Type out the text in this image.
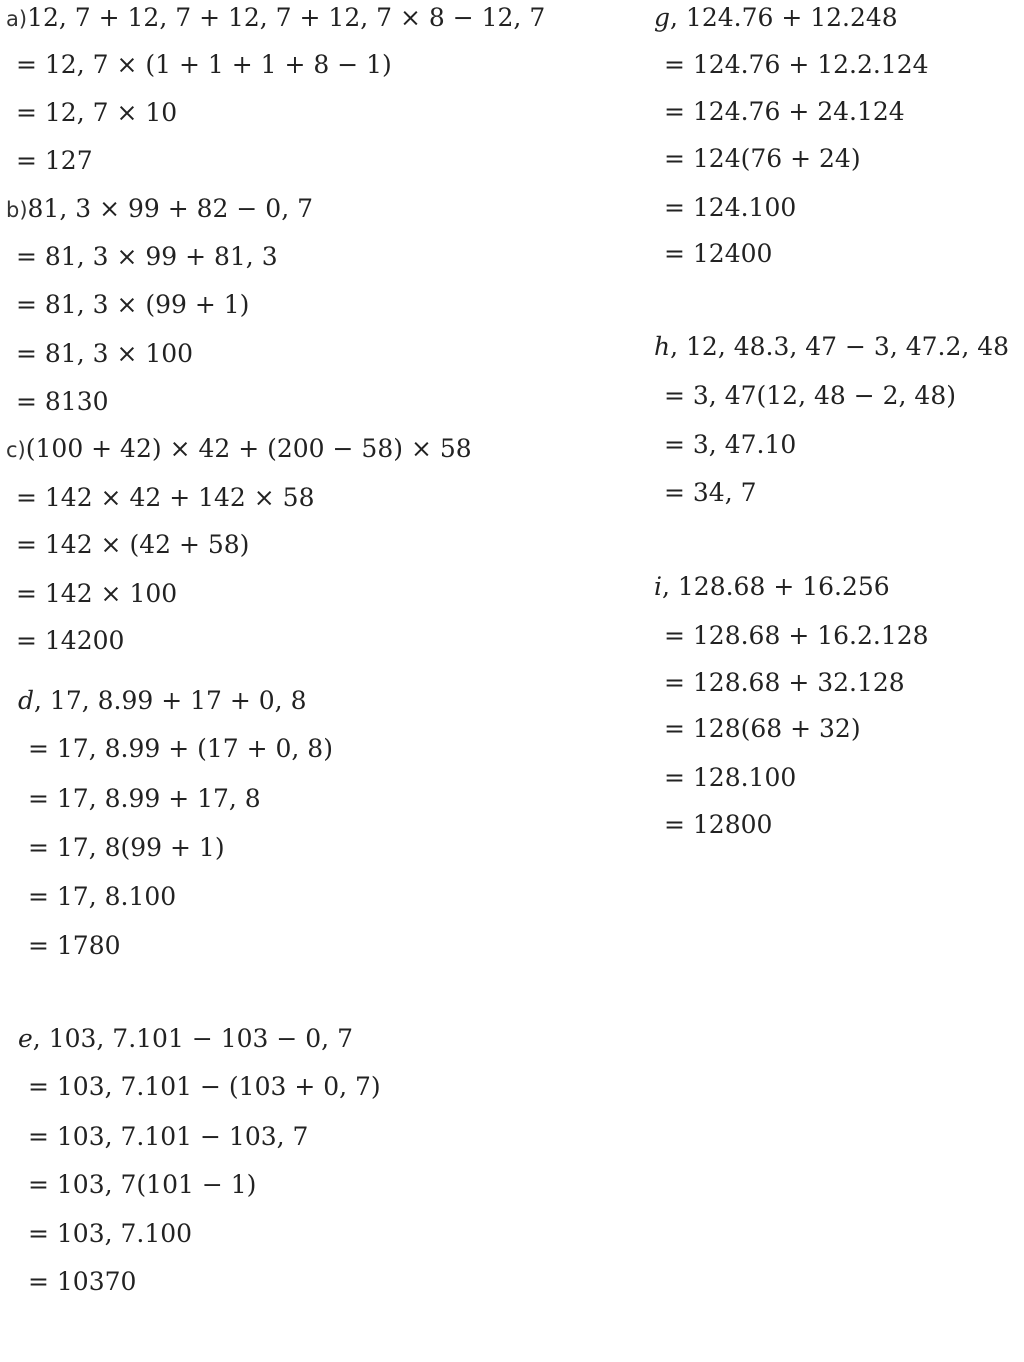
a)12, 7 + 12, 7 + 12, 7 + 12, 7 × 8 − 12, 7
= 12, 7 × (1 + 1 + 1 + 8 − 1)
= 12, 7 × 10
= 127
b)81, 3 × 99 + 82 − 0, 7
= 81, 3 × 99 + 81, 3
= 81, 3 × (99 + 1)
= 81, 3 × 100
= 8130
c)(100 + 42) × 42 + (200 − 58) × 58
= 142 × 42 + 142 × 58
= 142 × (42 + 58)
= 142 × 100
= 14200
d, 17, 8.99 + 17 + 0, 8
= 17, 8.99 + (17 + 0, 8)
= 17, 8.99 + 17, 8
= 17, 8(99 + 1)
= 17, 8.100
= 1780
e, 103, 7.101 − 103 − 0, 7
= 103, 7.101 − (103 + 0, 7)
= 103, 7.101 − 103, 7
= 103, 7(101 − 1)
= 103, 7.100
= 10370
g, 124.76 + 12.248
= 124.76 + 12.2.124
= 124.76 + 24.124
= 124(76 + 24)
= 124.100
= 12400
h, 12, 48.3, 47 − 3, 47.2, 48
= 3, 47(12, 48 − 2, 48)
= 3, 47.10
= 34, 7
i, 128.68 + 16.256
= 128.68 + 16.2.128
= 128.68 + 32.128
= 128(68 + 32)
= 128.100
= 12800
